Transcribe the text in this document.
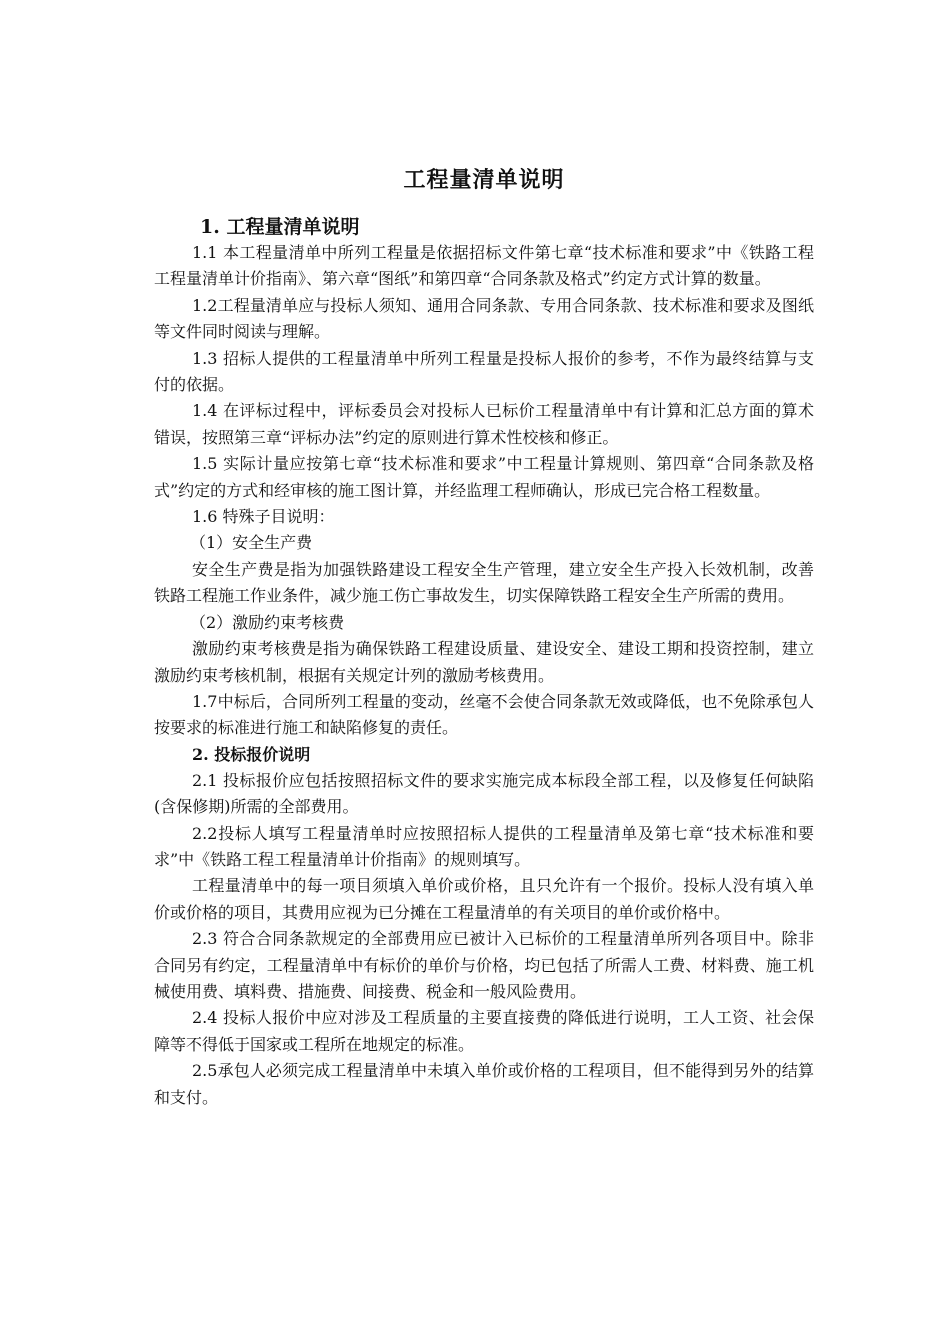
工程量清单说明
1. 工程量清单说明

1.1 本工程量清单中所列工程量是依据招标文件第七章“技术标准和要求”中《铁路工程工程量清单计价指南》、第六章“图纸”和第四章“合同条款及格式”约定方式计算的数量。

1.2工程量清单应与投标人须知、通用合同条款、专用合同条款、技术标准和要求及图纸等文件同时阅读与理解。

1.3 招标人提供的工程量清单中所列工程量是投标人报价的参考，不作为最终结算与支付的依据。

1.4 在评标过程中，评标委员会对投标人已标价工程量清单中有计算和汇总方面的算术错误，按照第三章“评标办法”约定的原则进行算术性校核和修正。

1.5 实际计量应按第七章“技术标准和要求”中工程量计算规则、第四章“合同条款及格式”约定的方式和经审核的施工图计算，并经监理工程师确认，形成已完合格工程数量。

1.6 特殊子目说明：

（1）安全生产费

安全生产费是指为加强铁路建设工程安全生产管理，建立安全生产投入长效机制，改善铁路工程施工作业条件，减少施工伤亡事故发生，切实保障铁路工程安全生产所需的费用。

（2）激励约束考核费

激励约束考核费是指为确保铁路工程建设质量、建设安全、建设工期和投资控制，建立激励约束考核机制，根据有关规定计列的激励考核费用。

1.7中标后，合同所列工程量的变动，丝毫不会使合同条款无效或降低，也不免除承包人按要求的标准进行施工和缺陷修复的责任。

2. 投标报价说明

2.1 投标报价应包括按照招标文件的要求实施完成本标段全部工程，以及修复任何缺陷(含保修期)所需的全部费用。

2.2投标人填写工程量清单时应按照招标人提供的工程量清单及第七章“技术标准和要求”中《铁路工程工程量清单计价指南》的规则填写。

工程量清单中的每一项目须填入单价或价格，且只允许有一个报价。投标人没有填入单价或价格的项目，其费用应视为已分摊在工程量清单的有关项目的单价或价格中。

2.3 符合合同条款规定的全部费用应已被计入已标价的工程量清单所列各项目中。除非合同另有约定，工程量清单中有标价的单价与价格，均已包括了所需人工费、材料费、施工机械使用费、填料费、措施费、间接费、税金和一般风险费用。

2.4 投标人报价中应对涉及工程质量的主要直接费的降低进行说明，工人工资、社会保障等不得低于国家或工程所在地规定的标准。

2.5承包人必须完成工程量清单中未填入单价或价格的工程项目，但不能得到另外的结算和支付。
